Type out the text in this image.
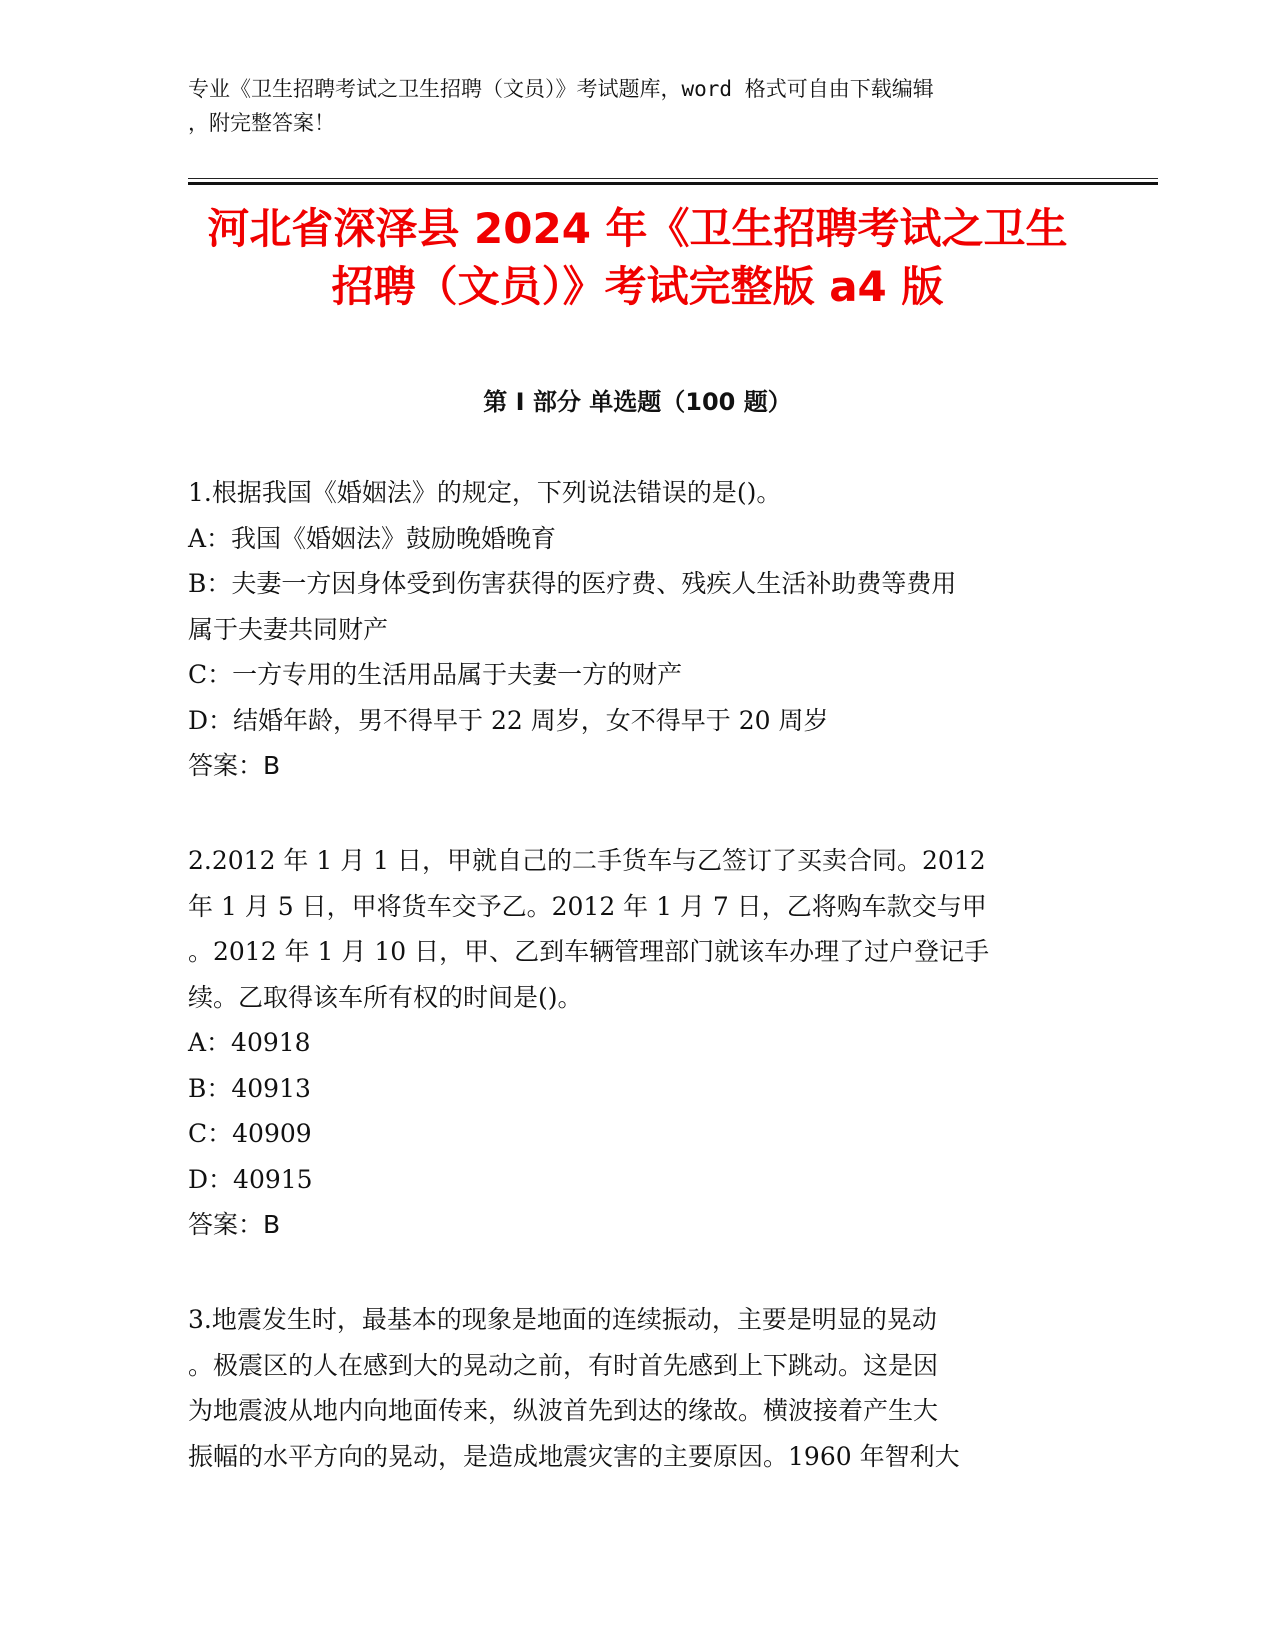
专业《卫生招聘考试之卫生招聘（文员）》考试题库，word 格式可自由下载编辑
，附完整答案！
河北省深泽县 2024 年《卫生招聘考试之卫生
招聘（文员）》考试完整版 a4 版
第 I 部分 单选题（100 题）
1.根据我国《婚姻法》的规定，下列说法错误的是()。
A：我国《婚姻法》鼓励晚婚晚育
B：夫妻一方因身体受到伤害获得的医疗费、残疾人生活补助费等费用
属于夫妻共同财产
C：一方专用的生活用品属于夫妻一方的财产
D：结婚年龄，男不得早于 22 周岁，女不得早于 20 周岁
答案：B
2.2012 年 1 月 1 日，甲就自己的二手货车与乙签订了买卖合同。2012
年 1 月 5 日，甲将货车交予乙。2012 年 1 月 7 日，乙将购车款交与甲
。2012 年 1 月 10 日，甲、乙到车辆管理部门就该车办理了过户登记手
续。乙取得该车所有权的时间是()。
A：40918
B：40913
C：40909
D：40915
答案：B
3.地震发生时，最基本的现象是地面的连续振动，主要是明显的晃动
。极震区的人在感到大的晃动之前，有时首先感到上下跳动。这是因
为地震波从地内向地面传来，纵波首先到达的缘故。横波接着产生大
振幅的水平方向的晃动，是造成地震灾害的主要原因。1960 年智利大
